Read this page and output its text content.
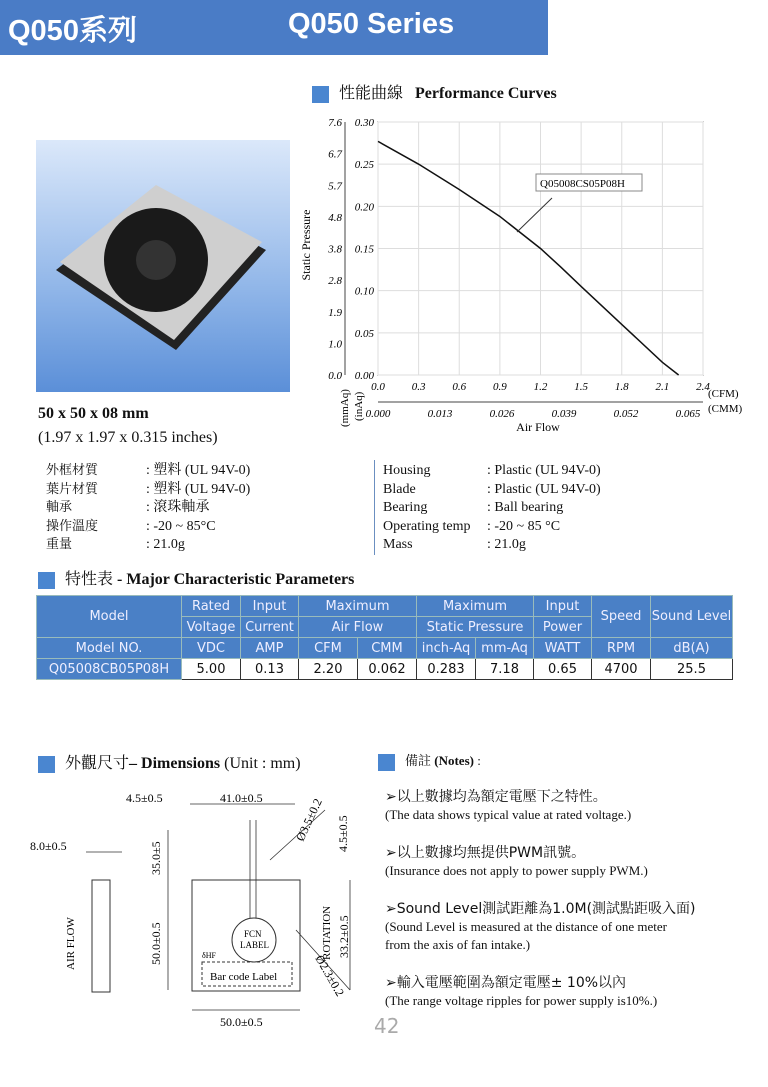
Q050系列	Q050 Series
性能曲線 Performance Curves
0.0 0.3 0.6 0.9 1.2 1.5 1.8 2.1 2.4
0.00
0.05
0.10
0.15
0.20
0.25
0.30
0.0
1.0
1.9
2.8
3.8
4.8
5.7
6.7
7.6
0.000	0.013	0.026	0.039	0.052	0.065
(CFM)
(CMM)
Air Flow
Static Pressure
(mmAq) (inAq)
Q05008CS05P08H
50 x 50 x 08 mm
(1.97 x 1.97 x 0.315 inches)
外框材質	: 塑料 (UL 94V-0)
葉片材質	: 塑料 (UL 94V-0)
軸承	: 滾珠軸承
操作溫度	: -20 ~ 85°C
重量	: 21.0g
Housing	: Plastic (UL 94V-0)
Blade	: Plastic (UL 94V-0)
Bearing	: Ball bearing
Operating temp : -20 ~ 85 °C
Mass	: 21.0g
特性表 - Major Characteristic Parameters
Model	Rated	Input	Maximum		Maximum		Input	Speed	Sound Level
	Voltage	Current	Air Flow		Static Pressure		Power		
Model NO.	VDC	AMP	CFM	CMM	inch-Aq	mm-Aq	WATT	RPM	dB(A)
Q05008CB05P08H	5.00	0.13	2.20	0.062	0.283	7.18	0.65	4700	25.5
外觀尺寸– Dimensions (Unit : mm)
4.5±0.5	41.0±0.5	Ø3.5±0.2 4.5±0.5
8.0±0.5	35.0±5
50.0±0.5	ROTATION 33.2±0.5
AIR FLOW	FCN
LABEL
Bar code Label	Ø2.3±0.2
50.0±0.5
δHF
備註 (Notes) :
➢以上數據均為額定電壓下之特性。
(The data shows typical value at rated voltage.)
➢以上數據均無提供PWM訊號。
(Insurance does not apply to power supply PWM.)
➢Sound Level測試距離為1.0M(測試點距吸入面)
(Sound Level is measured at the distance of one meter
from the axis of fan intake.)
➢輸入電壓範圍為額定電壓± 10%以內
(The range voltage ripples for power supply is10%.)
42
